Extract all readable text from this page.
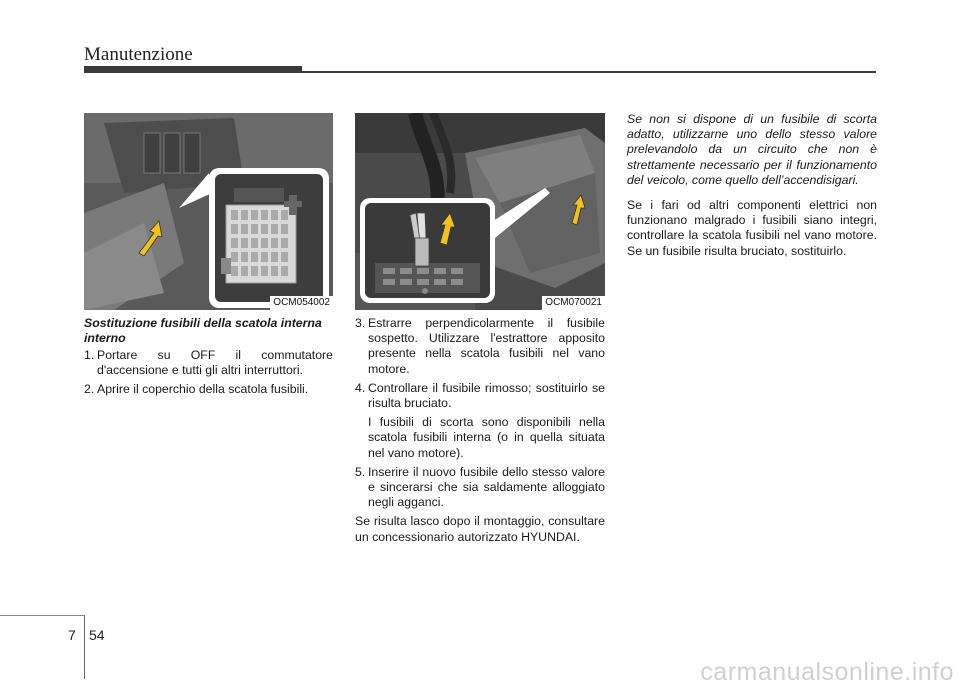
Manutenzione
OCM054002	OCM070021
Sostituzione fusibili della scatola interna interno
1. Portare su OFF il commutatore d'accensione e tutti gli altri interruttori.
2. Aprire il coperchio della scatola fusibili.
3. Estrarre perpendicolarmente il fusibile sospetto. Utilizzare l'estrattore apposito presente nella scatola fusibili nel vano motore.
4. Controllare il fusibile rimosso; sostituirlo se risulta bruciato.
I fusibili di scorta sono disponibili nella scatola fusibili interna (o in quella situata nel vano motore).
5. Inserire il nuovo fusibile dello stesso valore e sincerarsi che sia saldamente alloggiato negli agganci.

Se risulta lasco dopo il montaggio, consultare un concessionario autorizzato HYUNDAI.

Se non si dispone di un fusibile di scorta adatto, utilizzarne uno dello stesso valore prelevandolo da un circuito che non è strettamente necessario per il funzionamento del veicolo, come quello dell’accendisigari.

Se i fari od altri componenti elettrici non funzionano malgrado i fusibili siano integri, controllare la scatola fusibili nel vano motore. Se un fusibile risulta bruciato, sostituirlo.

7 54
carmanualsonline.info
